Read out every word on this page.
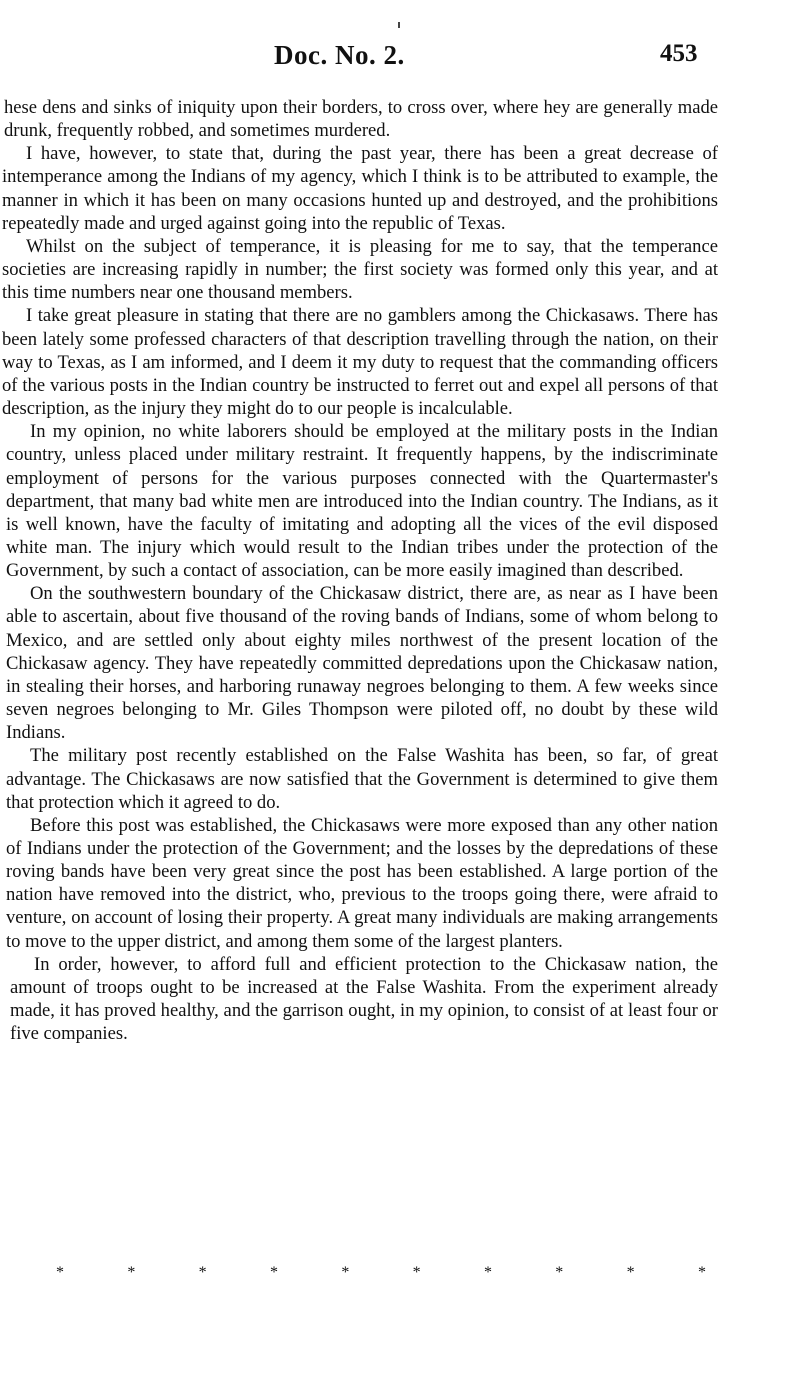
Doc. No. 2.	453

hese dens and sinks of iniquity upon their borders, to cross over, where hey are generally made drunk, frequently robbed, and sometimes murdered.

I have, however, to state that, during the past year, there has been a great decrease of intemperance among the Indians of my agency, which I think is to be attributed to example, the manner in which it has been on many occasions hunted up and destroyed, and the prohibitions repeatedly made and urged against going into the republic of Texas.

Whilst on the subject of temperance, it is pleasing for me to say, that the temperance societies are increasing rapidly in number; the first society was formed only this year, and at this time numbers near one thousand members.

I take great pleasure in stating that there are no gamblers among the Chickasaws. There has been lately some professed characters of that description travelling through the nation, on their way to Texas, as I am informed, and I deem it my duty to request that the commanding officers of the various posts in the Indian country be instructed to ferret out and expel all persons of that description, as the injury they might do to our people is incalculable.

In my opinion, no white laborers should be employed at the military posts in the Indian country, unless placed under military restraint. It frequently happens, by the indiscriminate employment of persons for the various purposes connected with the Quartermaster's department, that many bad white men are introduced into the Indian country. The Indians, as it is well known, have the faculty of imitating and adopting all the vices of the evil disposed white man. The injury which would result to the Indian tribes under the protection of the Government, by such a contact of association, can be more easily imagined than described.

On the southwestern boundary of the Chickasaw district, there are, as near as I have been able to ascertain, about five thousand of the roving bands of Indians, some of whom belong to Mexico, and are settled only about eighty miles northwest of the present location of the Chickasaw agency. They have repeatedly committed depredations upon the Chickasaw nation, in stealing their horses, and harboring runaway negroes belonging to them. A few weeks since seven negroes belonging to Mr. Giles Thompson were piloted off, no doubt by these wild Indians.

The military post recently established on the False Washita has been, so far, of great advantage. The Chickasaws are now satisfied that the Government is determined to give them that protection which it agreed to do.

Before this post was established, the Chickasaws were more exposed than any other nation of Indians under the protection of the Government; and the losses by the depredations of these roving bands have been very great since the post has been established. A large portion of the nation have removed into the district, who, previous to the troops going there, were afraid to venture, on account of losing their property. A great many individuals are making arrangements to move to the upper district, and among them some of the largest planters.

In order, however, to afford full and efficient protection to the Chickasaw nation, the amount of troops ought to be increased at the False Washita. From the experiment already made, it has proved healthy, and the garrison ought, in my opinion, to consist of at least four or five companies.

*	*	*	*	*	*	*	*	*	*
